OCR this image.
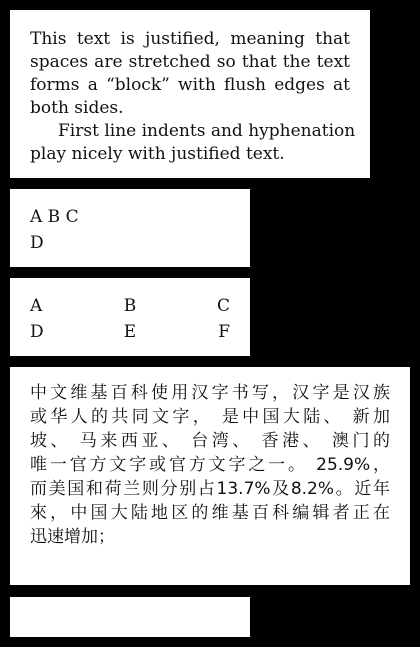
This text is justified, meaning that
spaces are stretched so that the text
forms a “block” with flush edges at
both sides.
First line indents and hyphenation
play nicely with justified text.
A B C
D
A	B	C
D	E	F
中文维基百科使用汉字书写，汉字是汉族
或华人的共同文字， 是中国大陆、 新加
坡、 马来西亚、 台湾、 香港、 澳门的
唯一官方文字或官方文字之一。 25.9%，
而美国和荷兰则分别占13.7%及8.2%。近年
來，中国大陆地区的维基百科编辑者正在
迅速增加；
